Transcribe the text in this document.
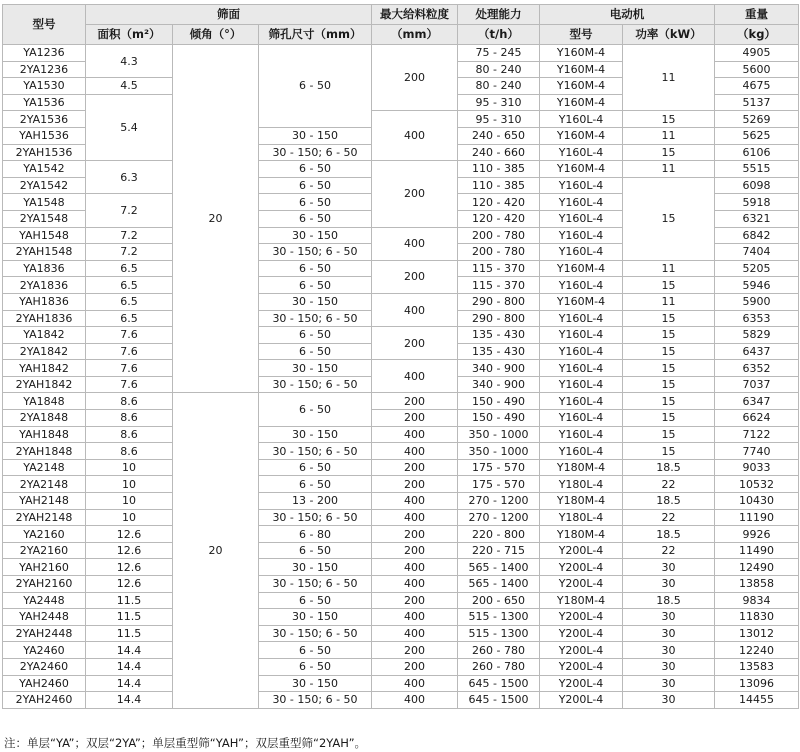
型号	筛面			最大给料粒度	处理能力	电动机		重量
	面积（m²）	倾角（°）	筛孔尺寸（mm）	（mm）	（t/h）	型号	功率（kW）	（kg）
YA1236	4.3	20	6 - 50	200	75 - 245	Y160M-4	11	4905
2YA1236					80 - 240	Y160M-4		5600
YA1530	4.5				80 - 240	Y160M-4		4675
YA1536	5.4				95 - 310	Y160M-4		5137
2YA1536				400	95 - 310	Y160L-4	15	5269
YAH1536			30 - 150		240 - 650	Y160M-4	11	5625
2YAH1536			30 - 150; 6 - 50		240 - 660	Y160L-4	15	6106
YA1542	6.3		6 - 50	200	110 - 385	Y160M-4	11	5515
2YA1542			6 - 50		110 - 385	Y160L-4	15	6098
YA1548	7.2		6 - 50		120 - 420	Y160L-4		5918
2YA1548			6 - 50		120 - 420	Y160L-4		6321
YAH1548	7.2		30 - 150	400	200 - 780	Y160L-4		6842
2YAH1548	7.2		30 - 150; 6 - 50		200 - 780	Y160L-4		7404
YA1836	6.5		6 - 50	200	115 - 370	Y160M-4	11	5205
2YA1836	6.5		6 - 50		115 - 370	Y160L-4	15	5946
YAH1836	6.5		30 - 150	400	290 - 800	Y160M-4	11	5900
2YAH1836	6.5		30 - 150; 6 - 50		290 - 800	Y160L-4	15	6353
YA1842	7.6		6 - 50	200	135 - 430	Y160L-4	15	5829
2YA1842	7.6		6 - 50		135 - 430	Y160L-4	15	6437
YAH1842	7.6		30 - 150	400	340 - 900	Y160L-4	15	6352
2YAH1842	7.6		30 - 150; 6 - 50		340 - 900	Y160L-4	15	7037
YA1848	8.6	20	6 - 50	200	150 - 490	Y160L-4	15	6347
2YA1848	8.6			200	150 - 490	Y160L-4	15	6624
YAH1848	8.6		30 - 150	400	350 - 1000	Y160L-4	15	7122
2YAH1848	8.6		30 - 150; 6 - 50	400	350 - 1000	Y160L-4	15	7740
YA2148	10		6 - 50	200	175 - 570	Y180M-4	18.5	9033
2YA2148	10		6 - 50	200	175 - 570	Y180L-4	22	10532
YAH2148	10		13 - 200	400	270 - 1200	Y180M-4	18.5	10430
2YAH2148	10		30 - 150; 6 - 50	400	270 - 1200	Y180L-4	22	11190
YA2160	12.6		6 - 80	200	220 - 800	Y180M-4	18.5	9926
2YA2160	12.6		6 - 50	200	220 - 715	Y200L-4	22	11490
YAH2160	12.6		30 - 150	400	565 - 1400	Y200L-4	30	12490
2YAH2160	12.6		30 - 150; 6 - 50	400	565 - 1400	Y200L-4	30	13858
YA2448	11.5		6 - 50	200	200 - 650	Y180M-4	18.5	9834
YAH2448	11.5		30 - 150	400	515 - 1300	Y200L-4	30	11830
2YAH2448	11.5		30 - 150; 6 - 50	400	515 - 1300	Y200L-4	30	13012
YA2460	14.4		6 - 50	200	260 - 780	Y200L-4	30	12240
2YA2460	14.4		6 - 50	200	260 - 780	Y200L-4	30	13583
YAH2460	14.4		30 - 150	400	645 - 1500	Y200L-4	30	13096
2YAH2460	14.4		30 - 150; 6 - 50	400	645 - 1500	Y200L-4	30	14455
注：单层“YA”；双层“2YA”；单层重型筛“YAH”；双层重型筛“2YAH”。
